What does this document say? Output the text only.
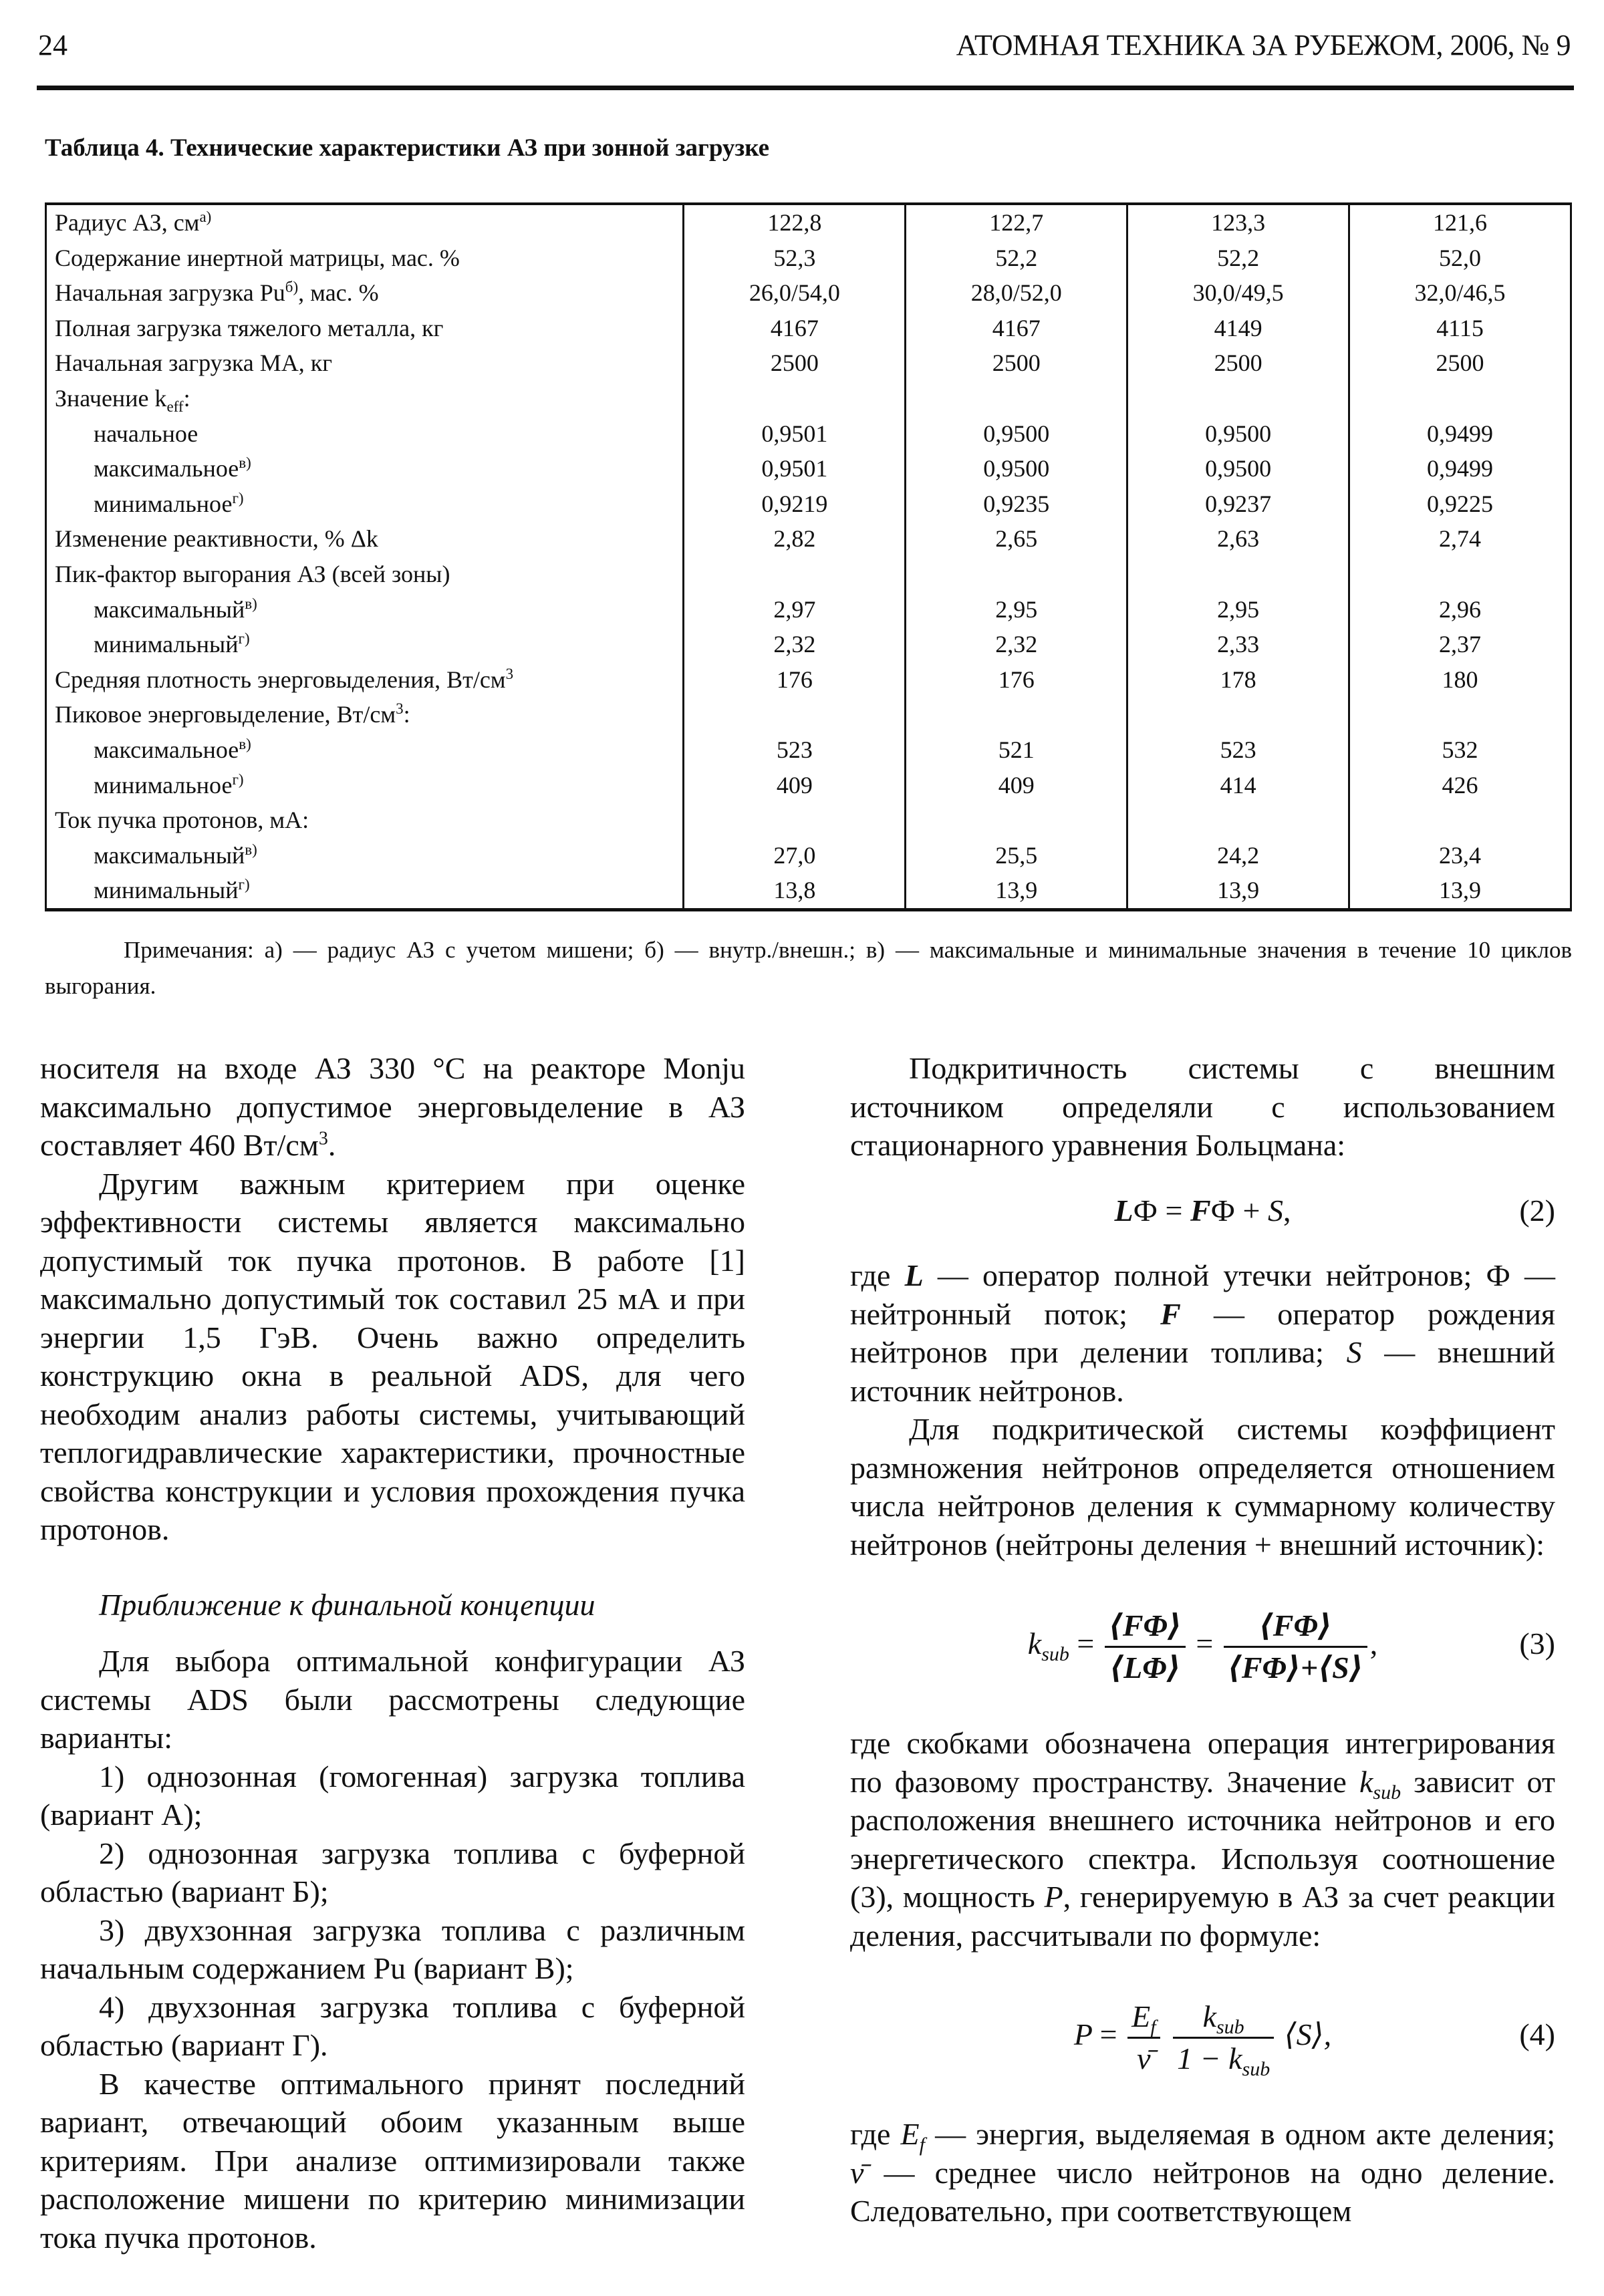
24	АТОМНАЯ ТЕХНИКА ЗА РУБЕЖОМ, 2006, № 9
Таблица 4. Технические характеристики АЗ при зонной загрузке
Радиус АЗ, $см^{а)}$	122,8	122,7	123,3	121,6
Содержание инертной матрицы, мас. %	52,3	52,2	52,2	52,0
Начальная загрузка $Pu^{б)}$, мас. %	26,0/54,0	28,0/52,0	30,0/49,5	32,0/46,5
Полная загрузка тяжелого металла, кг	4167	4167	4149	4115
Начальная загрузка МА, кг	2500	2500	2500	2500
Значение $k_{eff}$:				
начальное	0,9501	0,9500	0,9500	0,9499
максимальное$^{в)}$	0,9501	0,9500	0,9500	0,9499
минимальное$^{г)}$	0,9219	0,9235	0,9237	0,9225
Изменение реактивности, % Δk	2,82	2,65	2,63	2,74
Пик-фактор выгорания АЗ (всей зоны)				
максимальный$^{в)}$	2,97	2,95	2,95	2,96
минимальный$^{г)}$	2,32	2,32	2,33	2,37
Средняя плотность энерговыделения, $Вт/см^3$	176	176	178	180
Пиковое энерговыделение, $Вт/см^3$:				
максимальное$^{в)}$	523	521	523	532
минимальное$^{г)}$	409	409	414	426
Ток пучка протонов, мА:				
максимальный$^{в)}$	27,0	25,5	24,2	23,4
минимальный$^{г)}$	13,8	13,9	13,9	13,9
Примечания: а) — радиус АЗ с учетом мишени; б) — внутр./внешн.; в) — максимальные и минимальные значения в течение 10 циклов выгорания.

носителя на входе АЗ 330 °С на реакторе Monju максимально допустимое энерговыделение в АЗ составляет 460 $Вт/см^3$.

Другим важным критерием при оценке эффективности системы является максимально допустимый ток пучка протонов. В работе [1] максимально допустимый ток составил 25 мА и при энергии 1,5 ГэВ. Очень важно определить конструкцию окна в реальной ADS, для чего необходим анализ работы системы, учитывающий теплогидравлические характеристики, прочностные свойства конструкции и условия прохождения пучка протонов.

Приближение к финальной концепции

Для выбора оптимальной конфигурации АЗ системы ADS были рассмотрены следующие варианты:

1) однозонная (гомогенная) загрузка топлива (вариант А);

2) однозонная загрузка топлива с буферной областью (вариант Б);

3) двухзонная загрузка топлива с различным начальным содержанием Pu (вариант В);

4) двухзонная загрузка топлива с буферной областью (вариант Г).

В качестве оптимального принят последний вариант, отвечающий обоим указанным выше критериям. При анализе оптимизировали также расположение мишени по критерию минимизации тока пучка протонов.

Подкритичность системы с внешним источником определяли с использованием стационарного уравнения Больцмана:

LФ = FФ + S,	(2)

где L — оператор полной утечки нейтронов; Ф — нейтронный поток; F — оператор рождения нейтронов при делении топлива; S — внешний источник нейтронов.

Для подкритической системы коэффициент размножения нейтронов определяется отношением числа нейтронов деления к суммарному количеству нейтронов (нейтроны деления + внешний источник):

$k_{sub} = \frac{⟨F\Phi⟩}{⟨L\Phi⟩} = \frac{⟨F\Phi⟩}{⟨F\Phi⟩+⟨S⟩}$ ,	(3)

где скобками обозначена операция интегрирования по фазовому пространству. Значение $k_{sub}$ зависит от расположения внешнего источника нейтронов и его энергетического спектра. Используя соотношение (3), мощность P, генерируемую в АЗ за счет реакции деления, рассчитывали по формуле:

$P = \frac{E_f}{\nū}$
$\frac{k_{sub}}{1 - k_{sub}}$ ⟨S⟩,	(4)

где $E_f$ — энергия, выделяемая в одном акте деления; ν̄ — среднее число нейтронов на одно деление. Следовательно, при соответствующем
